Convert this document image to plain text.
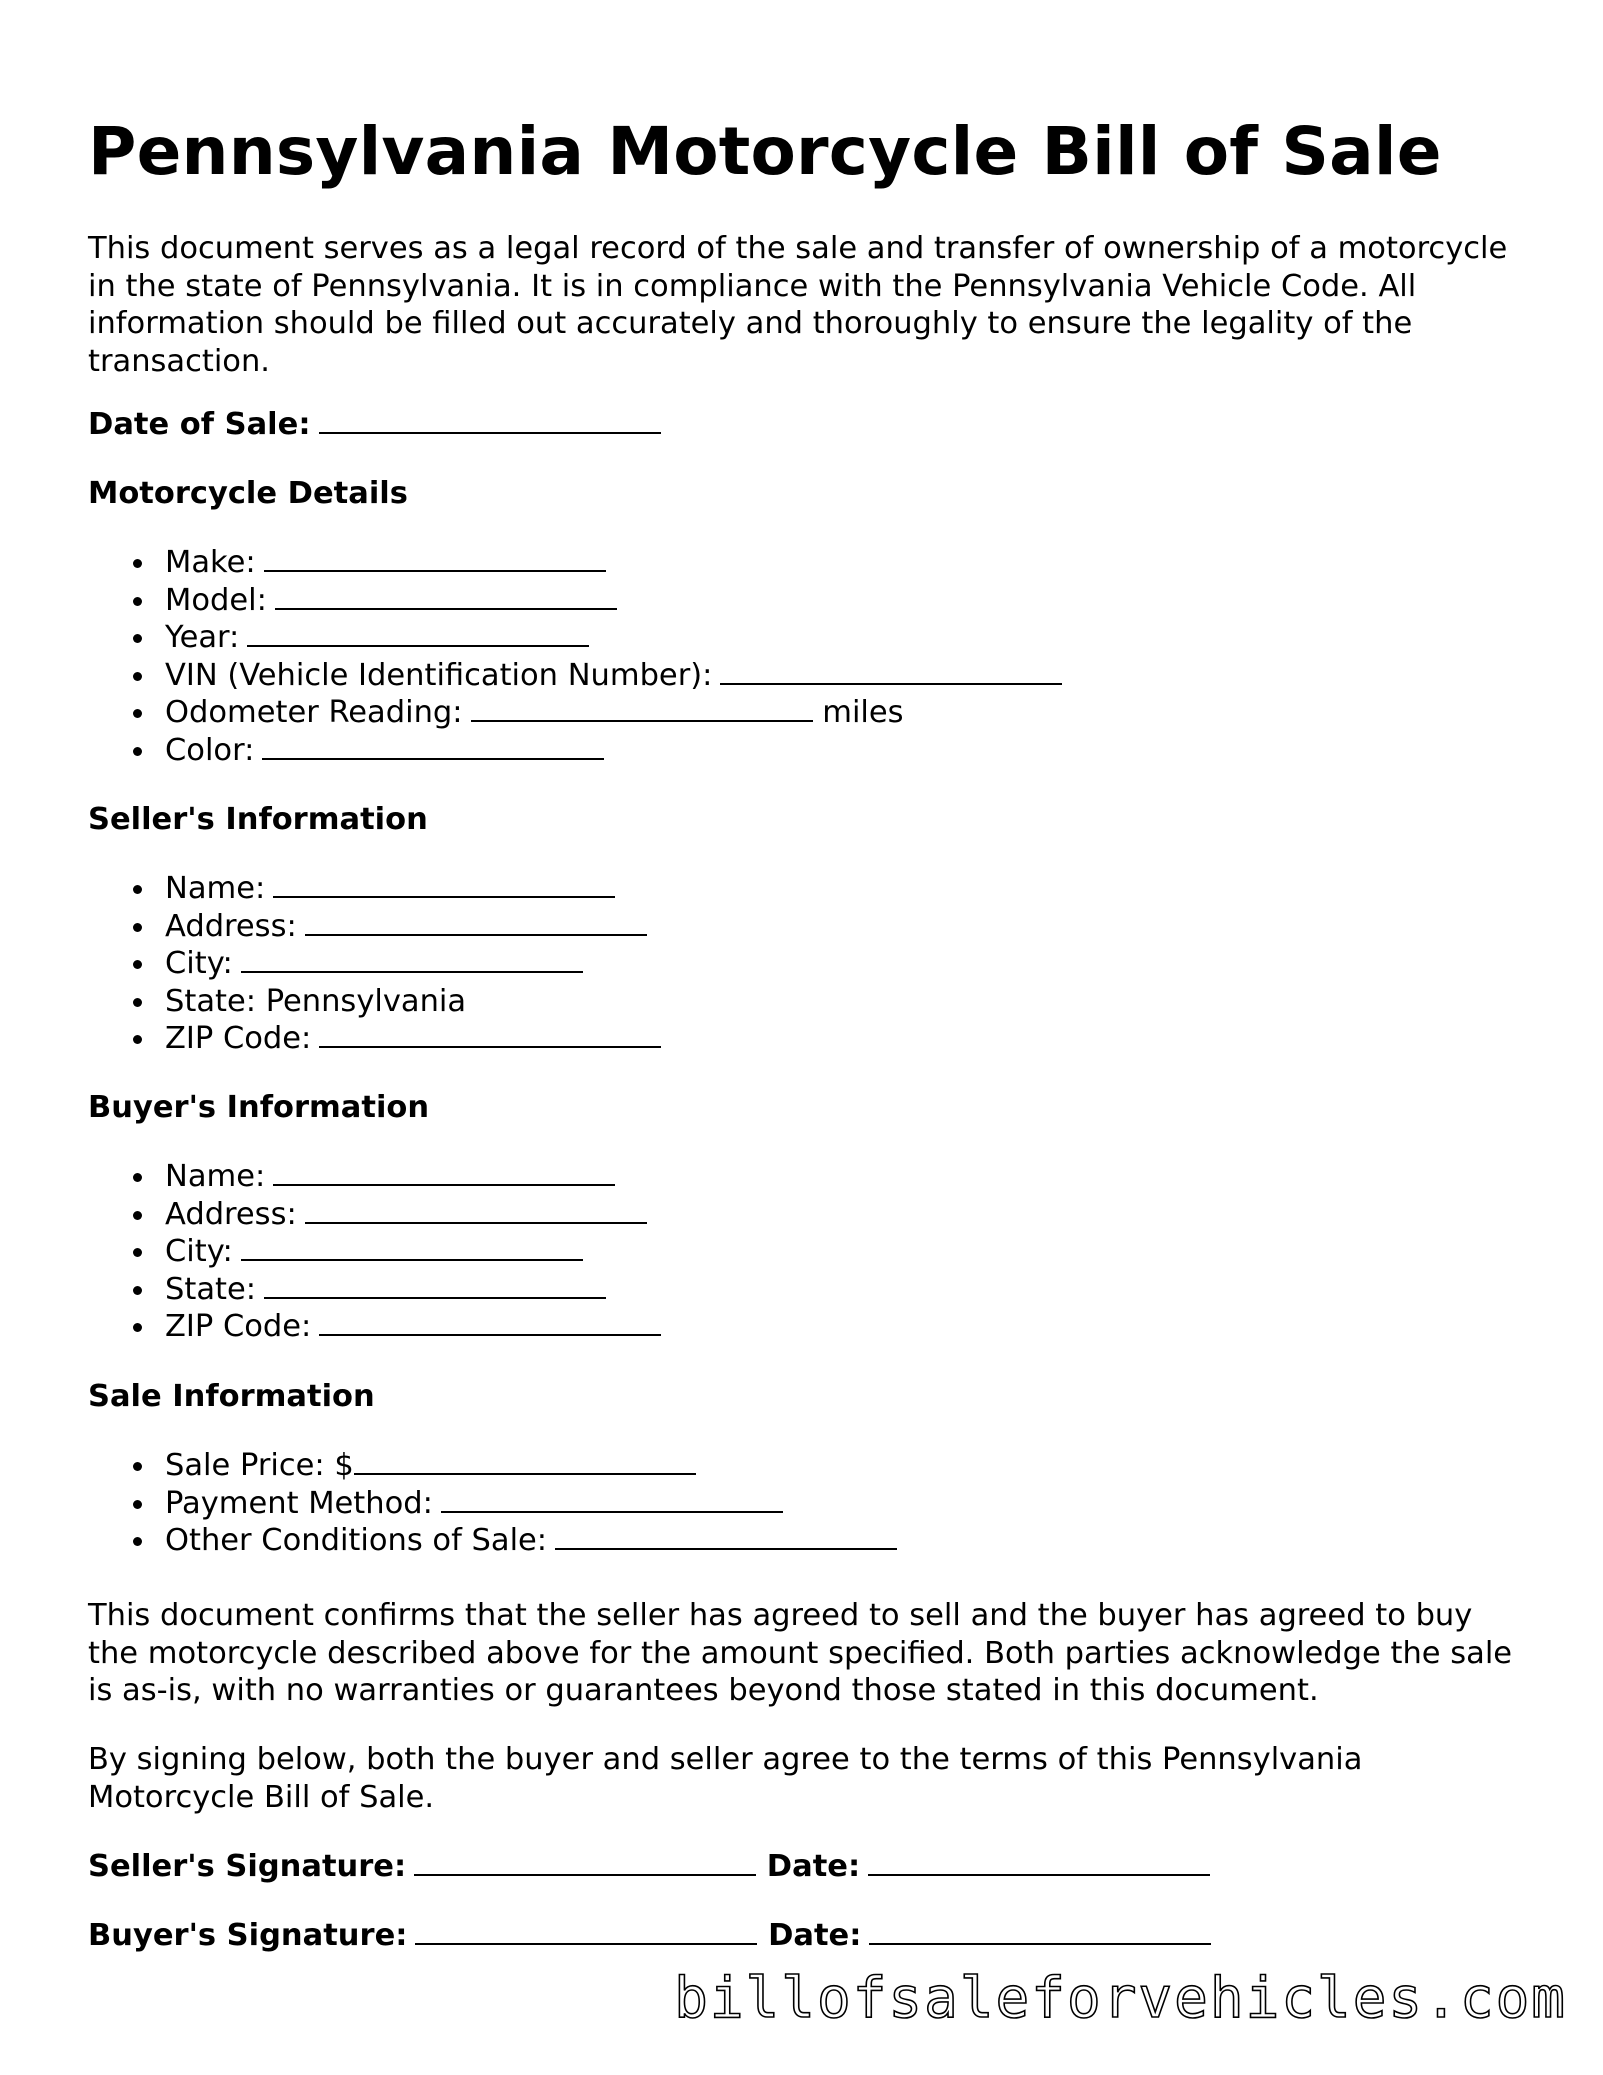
Pennsylvania Motorcycle Bill of Sale

This document serves as a legal record of the sale and transfer of ownership of a motorcycle in the state of Pennsylvania. It is in compliance with the Pennsylvania Vehicle Code. All information should be filled out accurately and thoroughly to ensure the legality of the transaction.

Date of Sale:

Motorcycle Details

Make:
Model:
Year:
VIN (Vehicle Identification Number):
Odometer Reading:	miles
Color:

Seller's Information

Name:
Address:
City:
State: Pennsylvania
ZIP Code:

Buyer's Information

Name:
Address:
City:
State:
ZIP Code:

Sale Information

Sale Price: $
Payment Method:
Other Conditions of Sale:

This document confirms that the seller has agreed to sell and the buyer has agreed to buy the motorcycle described above for the amount specified. Both parties acknowledge the sale is as-is, with no warranties or guarantees beyond those stated in this document.

By signing below, both the buyer and seller agree to the terms of this Pennsylvania Motorcycle Bill of Sale.

Seller's Signature:	Date:

Buyer's Signature:	Date:

billofsaleforvehicles.com
